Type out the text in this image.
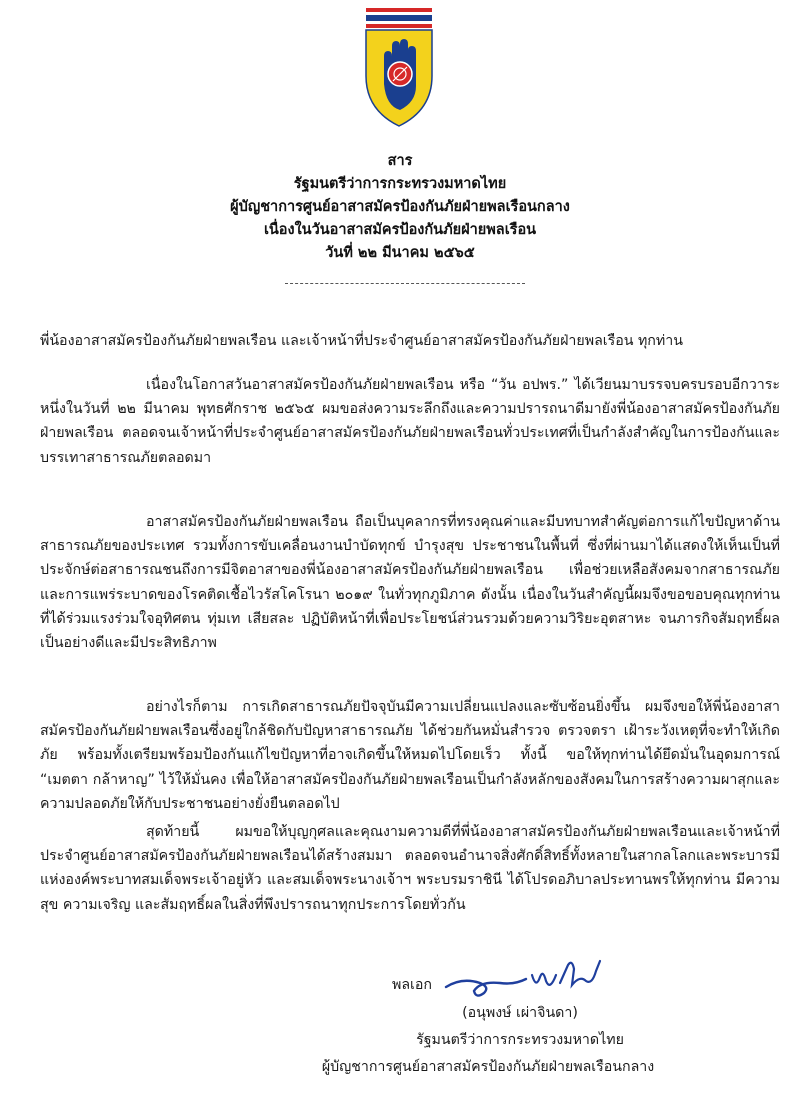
สาร
รัฐมนตรีว่าการกระทรวงมหาดไทย
ผู้บัญชาการศูนย์อาสาสมัครป้องกันภัยฝ่ายพลเรือนกลาง
เนื่องในวันอาสาสมัครป้องกันภัยฝ่ายพลเรือน
วันที่ ๒๒ มีนาคม ๒๕๖๕
พี่น้องอาสาสมัครป้องกันภัยฝ่ายพลเรือน และเจ้าหน้าที่ประจำศูนย์อาสาสมัครป้องกันภัยฝ่ายพลเรือน ทุกท่าน

เนื่องในโอกาสวันอาสาสมัครป้องกันภัยฝ่ายพลเรือน หรือ “วัน อปพร.” ได้เวียนมาบรรจบครบรอบอีกวาระหนึ่งในวันที่ ๒๒ มีนาคม พุทธศักราช ๒๕๖๕ ผมขอส่งความระลึกถึงและความปรารถนาดีมายังพี่น้องอาสาสมัครป้องกันภัยฝ่ายพลเรือน ตลอดจนเจ้าหน้าที่ประจำศูนย์อาสาสมัครป้องกันภัยฝ่ายพลเรือนทั่วประเทศที่เป็นกำลังสำคัญในการป้องกันและบรรเทาสาธารณภัยตลอดมา

อาสาสมัครป้องกันภัยฝ่ายพลเรือน ถือเป็นบุคลากรที่ทรงคุณค่าและมีบทบาทสำคัญต่อการแก้ไขปัญหาด้านสาธารณภัยของประเทศ รวมทั้งการขับเคลื่อนงานบำบัดทุกข์ บำรุงสุข ประชาชนในพื้นที่ ซึ่งที่ผ่านมาได้แสดงให้เห็นเป็นที่ประจักษ์ต่อสาธารณชนถึงการมีจิตอาสาของพี่น้องอาสาสมัครป้องกันภัยฝ่ายพลเรือน เพื่อช่วยเหลือสังคมจากสาธารณภัยและการแพร่ระบาดของโรคติดเชื้อไวรัสโคโรนา ๒๐๑๙ ในทั่วทุกภูมิภาค ดังนั้น เนื่องในวันสำคัญนี้ผมจึงขอขอบคุณทุกท่านที่ได้ร่วมแรงร่วมใจอุทิศตน ทุ่มเท เสียสละ ปฏิบัติหน้าที่เพื่อประโยชน์ส่วนรวมด้วยความวิริยะอุตสาหะ จนภารกิจสัมฤทธิ์ผลเป็นอย่างดีและมีประสิทธิภาพ

อย่างไรก็ตาม การเกิดสาธารณภัยปัจจุบันมีความเปลี่ยนแปลงและซับซ้อนยิ่งขึ้น ผมจึงขอให้พี่น้องอาสาสมัครป้องกันภัยฝ่ายพลเรือนซึ่งอยู่ใกล้ชิดกับปัญหาสาธารณภัย ได้ช่วยกันหมั่นสำรวจ ตรวจตรา เฝ้าระวังเหตุที่จะทำให้เกิดภัย พร้อมทั้งเตรียมพร้อมป้องกันแก้ไขปัญหาที่อาจเกิดขึ้นให้หมดไปโดยเร็ว ทั้งนี้ ขอให้ทุกท่านได้ยึดมั่นในอุดมการณ์ “เมตตา กล้าหาญ” ไว้ให้มั่นคง เพื่อให้อาสาสมัครป้องกันภัยฝ่ายพลเรือนเป็นกำลังหลักของสังคมในการสร้างความผาสุกและความปลอดภัยให้กับประชาชนอย่างยั่งยืนตลอดไป

สุดท้ายนี้ ผมขอให้บุญกุศลและคุณงามความดีที่พี่น้องอาสาสมัครป้องกันภัยฝ่ายพลเรือนและเจ้าหน้าที่ประจำศูนย์อาสาสมัครป้องกันภัยฝ่ายพลเรือนได้สร้างสมมา ตลอดจนอำนาจสิ่งศักดิ์สิทธิ์ทั้งหลายในสากลโลกและพระบารมีแห่งองค์พระบาทสมเด็จพระเจ้าอยู่หัว และสมเด็จพระนางเจ้าฯ พระบรมราชินี ได้โปรดอภิบาลประทานพรให้ทุกท่าน มีความสุข ความเจริญ และสัมฤทธิ์ผลในสิ่งที่พึงปรารถนาทุกประการโดยทั่วกัน

พลเอก
(อนุพงษ์ เผ่าจินดา)
รัฐมนตรีว่าการกระทรวงมหาดไทย
ผู้บัญชาการศูนย์อาสาสมัครป้องกันภัยฝ่ายพลเรือนกลาง
